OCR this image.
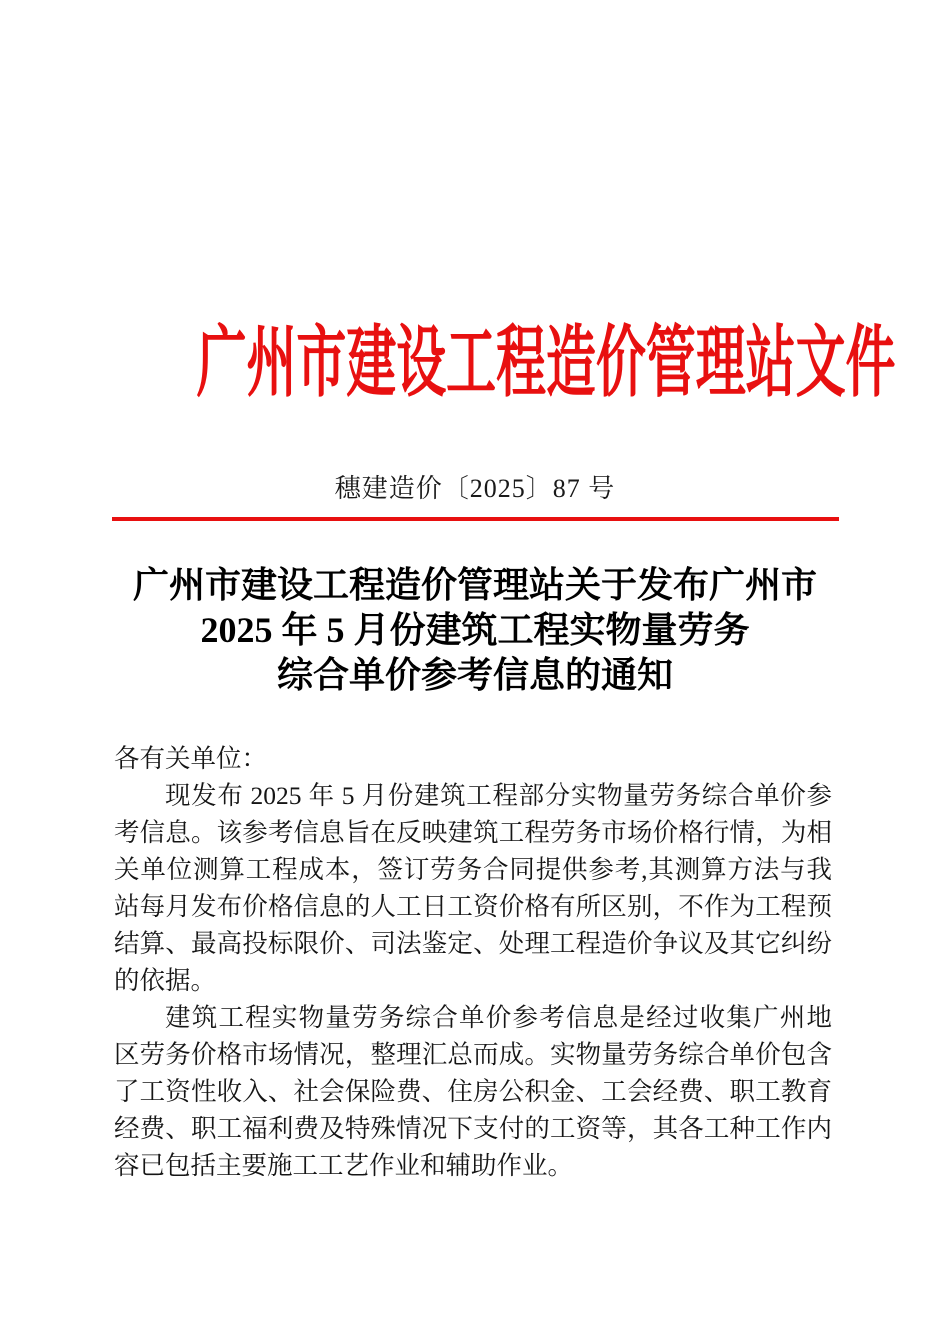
广州市建设工程造价管理站文件
穗建造价〔2025〕87 号
广州市建设工程造价管理站关于发布广州市
2025 年 5 月份建筑工程实物量劳务
综合单价参考信息的通知
各有关单位：
现发布 2025 年 5 月份建筑工程部分实物量劳务综合单价参
考信息。该参考信息旨在反映建筑工程劳务市场价格行情，为相
关单位测算工程成本，签订劳务合同提供参考,其测算方法与我
站每月发布价格信息的人工日工资价格有所区别，不作为工程预
结算、最高投标限价、司法鉴定、处理工程造价争议及其它纠纷
的依据。
建筑工程实物量劳务综合单价参考信息是经过收集广州地
区劳务价格市场情况，整理汇总而成。实物量劳务综合单价包含
了工资性收入、社会保险费、住房公积金、工会经费、职工教育
经费、职工福利费及特殊情况下支付的工资等，其各工种工作内
容已包括主要施工工艺作业和辅助作业。
